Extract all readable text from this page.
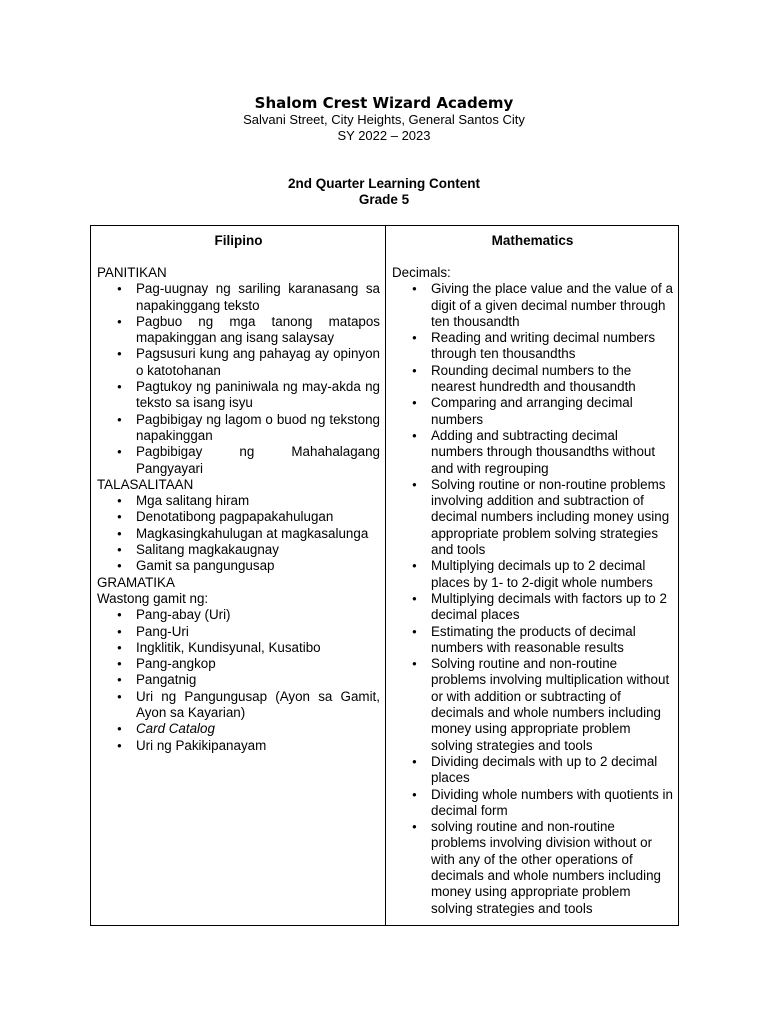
Shalom Crest Wizard Academy
Salvani Street, City Heights, General Santos City
SY 2022 – 2023
2nd Quarter Learning Content
Grade 5
Filipino
PANITIKAN
● Pag-uugnay ng sariling karanasang sa napakinggang teksto
● Pagbuo ng mga tanong matapos mapakinggan ang isang salaysay
● Pagsusuri kung ang pahayag ay opinyon o katotohanan
● Pagtukoy ng paniniwala ng may-akda ng teksto sa isang isyu
● Pagbibigay ng lagom o buod ng tekstong napakinggan
● Pagbibigay ng Mahahalagang Pangyayari
TALASALITAAN
● Mga salitang hiram
● Denotatibong pagpapakahulugan
● Magkasingkahulugan at magkasalunga
● Salitang magkakaugnay
● Gamit sa pangungusap
GRAMATIKA
Wastong gamit ng:
● Pang-abay (Uri)
● Pang-Uri
● Ingklitik, Kundisyunal, Kusatibo
● Pang-angkop
● Pangatnig
● Uri ng Pangungusap (Ayon sa Gamit, Ayon sa Kayarian)
● Card Catalog
● Uri ng Pakikipanayam
Mathematics
Decimals:
● Giving the place value and the value of a digit of a given decimal number through ten thousandth
● Reading and writing decimal numbers through ten thousandths
● Rounding decimal numbers to the nearest hundredth and thousandth
● Comparing and arranging decimal numbers
● Adding and subtracting decimal numbers through thousandths without and with regrouping
● Solving routine or non-routine problems involving addition and subtraction of decimal numbers including money using appropriate problem solving strategies and tools
● Multiplying decimals up to 2 decimal places by 1- to 2-digit whole numbers
● Multiplying decimals with factors up to 2 decimal places
● Estimating the products of decimal numbers with reasonable results
● Solving routine and non-routine problems involving multiplication without or with addition or subtracting of decimals and whole numbers including money using appropriate problem solving strategies and tools
● Dividing decimals with up to 2 decimal places
● Dividing whole numbers with quotients in decimal form
● solving routine and non-routine problems involving division without or with any of the other operations of decimals and whole numbers including money using appropriate problem solving strategies and tools
